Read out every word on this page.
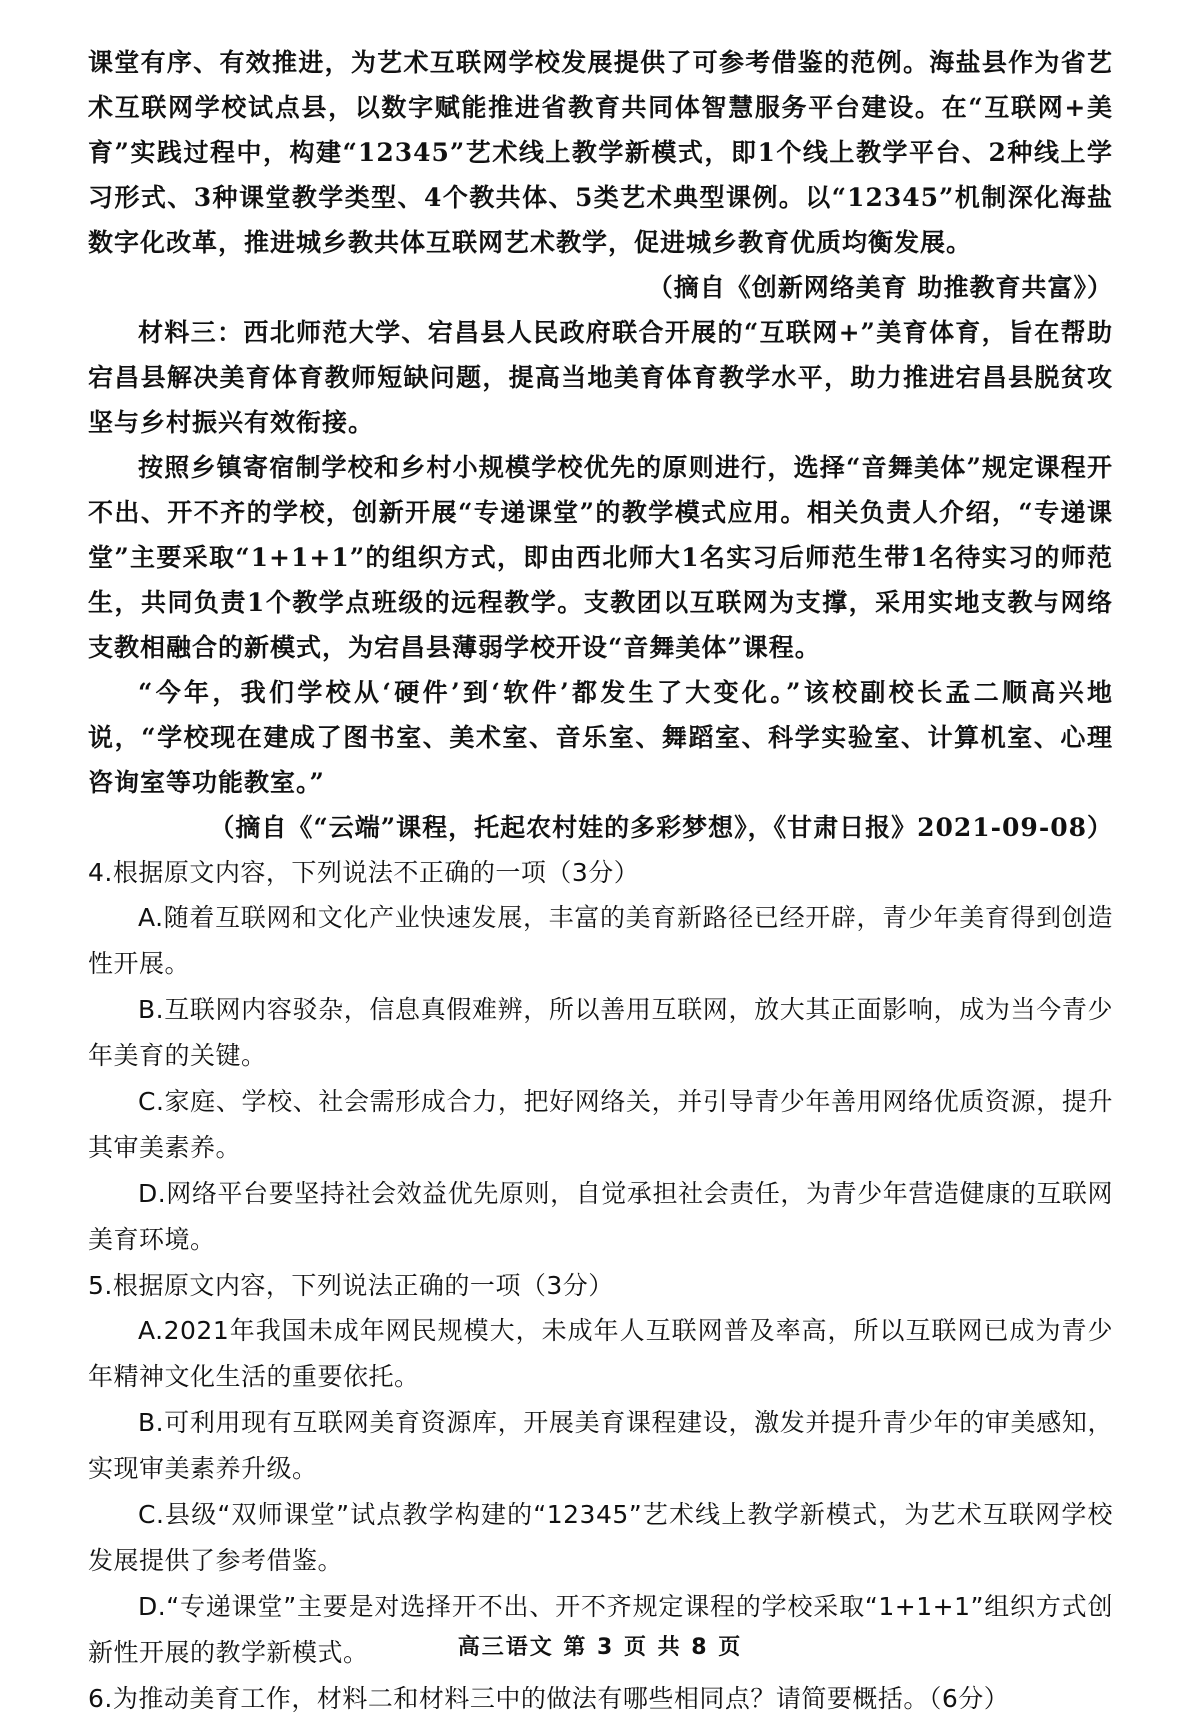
课堂有序、有效推进，为艺术互联网学校发展提供了可参考借鉴的范例。海盐县作为省艺术互联网学校试点县，以数字赋能推进省教育共同体智慧服务平台建设。在“互联网+美育”实践过程中，构建“12345”艺术线上教学新模式，即1个线上教学平台、2种线上学习形式、3种课堂教学类型、4个教共体、5类艺术典型课例。以“12345”机制深化海盐数字化改革，推进城乡教共体互联网艺术教学，促进城乡教育优质均衡发展。

（摘自《创新网络美育 助推教育共富》）

材料三：西北师范大学、宕昌县人民政府联合开展的“互联网+”美育体育，旨在帮助宕昌县解决美育体育教师短缺问题，提高当地美育体育教学水平，助力推进宕昌县脱贫攻坚与乡村振兴有效衔接。

按照乡镇寄宿制学校和乡村小规模学校优先的原则进行，选择“音舞美体”规定课程开不出、开不齐的学校，创新开展“专递课堂”的教学模式应用。相关负责人介绍，“专递课堂”主要采取“1+1+1”的组织方式，即由西北师大1名实习后师范生带1名待实习的师范生，共同负责1个教学点班级的远程教学。支教团以互联网为支撑，采用实地支教与网络支教相融合的新模式，为宕昌县薄弱学校开设“音舞美体”课程。

“今年，我们学校从‘硬件’到‘软件’都发生了大变化。”该校副校长孟二顺高兴地说，“学校现在建成了图书室、美术室、音乐室、舞蹈室、科学实验室、计算机室、心理咨询室等功能教室。”

（摘自《“云端”课程，托起农村娃的多彩梦想》，《甘肃日报》2021-09-08）

4.根据原文内容，下列说法不正确的一项（3分）

A.随着互联网和文化产业快速发展，丰富的美育新路径已经开辟，青少年美育得到创造性开展。

B.互联网内容驳杂，信息真假难辨，所以善用互联网，放大其正面影响，成为当今青少年美育的关键。

C.家庭、学校、社会需形成合力，把好网络关，并引导青少年善用网络优质资源，提升其审美素养。

D.网络平台要坚持社会效益优先原则，自觉承担社会责任，为青少年营造健康的互联网美育环境。

5.根据原文内容，下列说法正确的一项（3分）

A.2021年我国未成年网民规模大，未成年人互联网普及率高，所以互联网已成为青少年精神文化生活的重要依托。

B.可利用现有互联网美育资源库，开展美育课程建设，激发并提升青少年的审美感知，实现审美素养升级。

C.县级“双师课堂”试点教学构建的“12345”艺术线上教学新模式，为艺术互联网学校发展提供了参考借鉴。

D.“专递课堂”主要是对选择开不出、开不齐规定课程的学校采取“1+1+1”组织方式创新性开展的教学新模式。

6.为推动美育工作，材料二和材料三中的做法有哪些相同点？请简要概括。（6分）

高三语文 第 3 页 共 8 页
